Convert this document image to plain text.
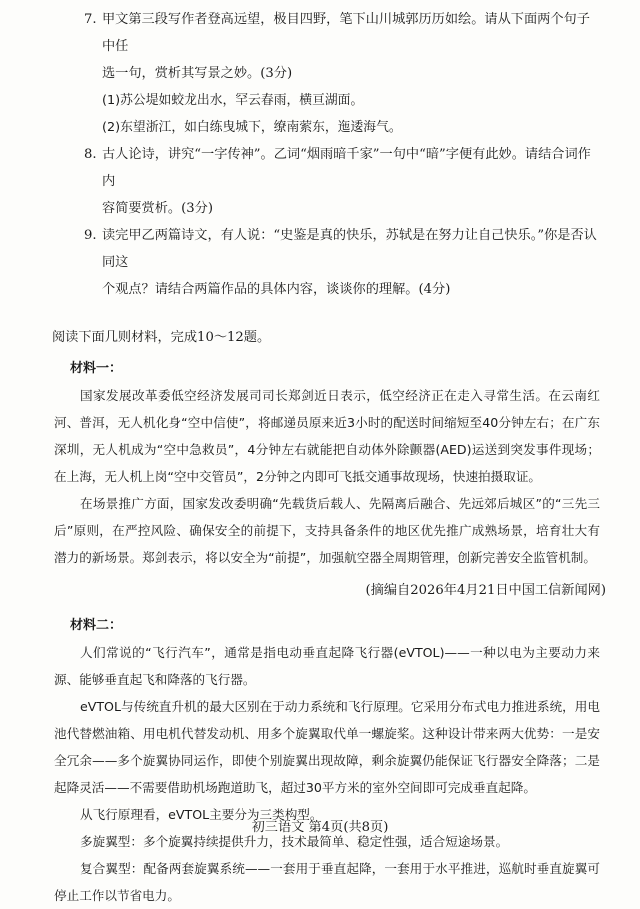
7. 甲文第三段写作者登高远望，极目四野，笔下山川城郭历历如绘。请从下面两个句子中任

选一句，赏析其写景之妙。(3分)

(1)苏公堤如蛟龙出水，罕云春雨，横亘湖面。

(2)东望浙江，如白练曳城下，缭南萦东，迤逶海气。

8. 古人论诗，讲究“一字传神”。乙词“烟雨暗千家”一句中“暗”字便有此妙。请结合词作内

容简要赏析。(3分)

9. 读完甲乙两篇诗文，有人说：“史鉴是真的快乐，苏轼是在努力让自己快乐。”你是否认同这

个观点？请结合两篇作品的具体内容，谈谈你的理解。(4分)

阅读下面几则材料，完成10～12题。

材料一：

国家发展改革委低空经济发展司司长郑剑近日表示，低空经济正在走入寻常生活。在云南红河、普洱，无人机化身“空中信使”，将邮递员原来近3小时的配送时间缩短至40分钟左右；在广东深圳，无人机成为“空中急救员”，4分钟左右就能把自动体外除颤器(AED)运送到突发事件现场；在上海，无人机上岗“空中交管员”，2分钟之内即可飞抵交通事故现场，快速拍摄取证。

在场景推广方面，国家发改委明确“先载货后载人、先隔离后融合、先远郊后城区”的“三先三后”原则，在严控风险、确保安全的前提下，支持具备条件的地区优先推广成熟场景，培育壮大有潜力的新场景。郑剑表示，将以安全为“前提”，加强航空器全周期管理，创新完善安全监管机制。

(摘编自2026年4月21日中国工信新闻网)

材料二：

人们常说的“飞行汽车”，通常是指电动垂直起降飞行器(eVTOL)——一种以电为主要动力来源、能够垂直起飞和降落的飞行器。

eVTOL与传统直升机的最大区别在于动力系统和飞行原理。它采用分布式电力推进系统，用电池代替燃油箱、用电机代替发动机、用多个旋翼取代单一螺旋桨。这种设计带来两大优势：一是安全冗余——多个旋翼协同运作，即使个别旋翼出现故障，剩余旋翼仍能保证飞行器安全降落；二是起降灵活——不需要借助机场跑道助飞，超过30平方米的室外空间即可完成垂直起降。

从飞行原理看，eVTOL主要分为三类构型。

多旋翼型：多个旋翼持续提供升力，技术最简单、稳定性强，适合短途场景。

复合翼型：配备两套旋翼系统——一套用于垂直起降，一套用于水平推进，巡航时垂直旋翼可停止工作以节省电力。

初三语文 第4页(共8页)
